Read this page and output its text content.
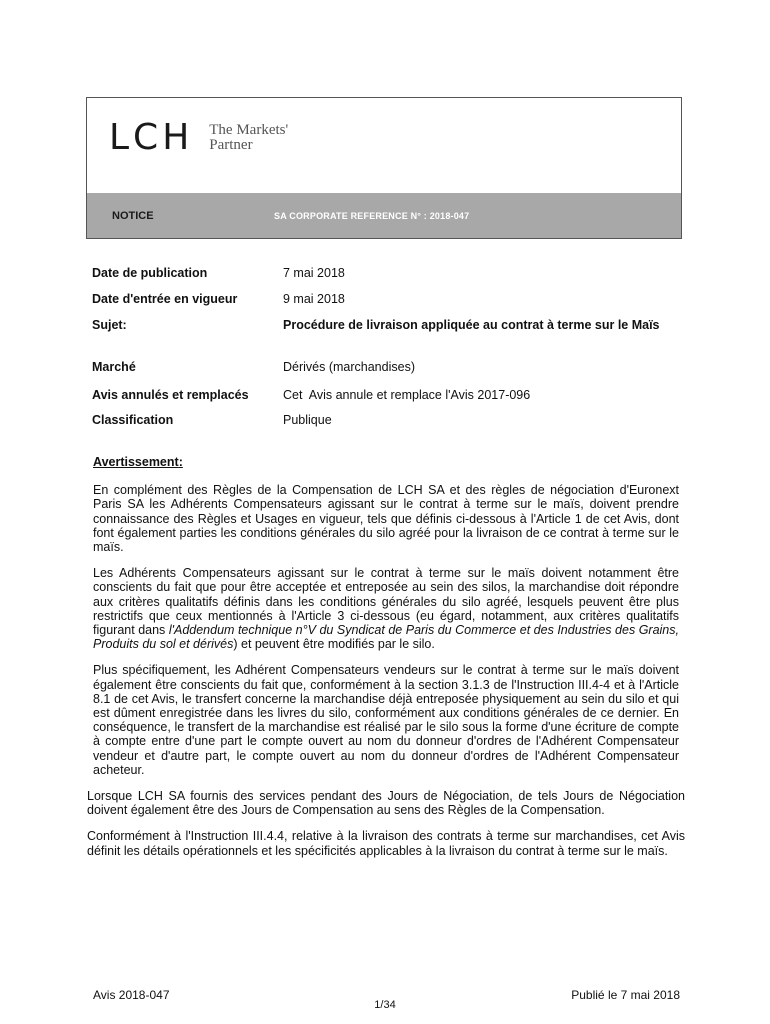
LCH The Markets'
Partner
NOTICE	SA CORPORATE REFERENCE N° : 2018-047
Date de publication	7 mai 2018
Date d'entrée en vigueur	9 mai 2018
Sujet:	Procédure de livraison appliquée au contrat à terme sur le Maïs
Marché	Dérivés (marchandises)
Avis annulés et remplacés	Cet  Avis annule et remplace l'Avis 2017-096
Classification	Publique

Avertissement:

En complément des Règles de la Compensation de LCH SA et des règles de négociation d'Euronext Paris SA les Adhérents Compensateurs agissant sur le contrat à terme sur le maïs, doivent prendre connaissance des Règles et Usages en vigueur, tels que définis ci-dessous à l'Article 1 de cet Avis, dont font également parties les conditions générales du silo agréé pour la livraison de ce contrat à terme sur le maïs.

Les Adhérents Compensateurs agissant sur le contrat à terme sur le maïs doivent notamment être conscients du fait que pour être acceptée et entreposée au sein des silos, la marchandise doit répondre aux critères qualitatifs définis dans les conditions générales du silo agréé, lesquels peuvent être plus restrictifs que ceux mentionnés à l'Article 3 ci-dessous (eu égard, notamment, aux critères qualitatifs figurant dans l'Addendum technique n°V du Syndicat de Paris du Commerce et des Industries des Grains, Produits du sol et dérivés) et peuvent être modifiés par le silo.

Plus spécifiquement, les Adhérent Compensateurs vendeurs sur le contrat à terme sur le maïs doivent également être conscients du fait que, conformément à la section 3.1.3 de l'Instruction III.4-4 et à l'Article 8.1 de cet Avis, le transfert concerne la marchandise déjà entreposée physiquement au sein du silo et qui est dûment enregistrée dans les livres du silo, conformément aux conditions générales de ce dernier. En conséquence, le transfert de la marchandise est réalisé par le silo sous la forme d'une écriture de compte à compte entre d'une part le compte ouvert au nom du donneur d'ordres de l'Adhérent Compensateur vendeur et d'autre part, le compte ouvert au nom du donneur d'ordres de l'Adhérent Compensateur acheteur.

Lorsque LCH SA fournis des services pendant des Jours de Négociation, de tels Jours de Négociation doivent également être des Jours de Compensation au sens des Règles de la Compensation.

Conformément à l'Instruction III.4.4, relative à la livraison des contrats à terme sur marchandises, cet Avis définit les détails opérationnels et les spécificités applicables à la livraison du contrat à terme sur le maïs.

Avis 2018-047	Publié le 7 mai 2018
1/34
